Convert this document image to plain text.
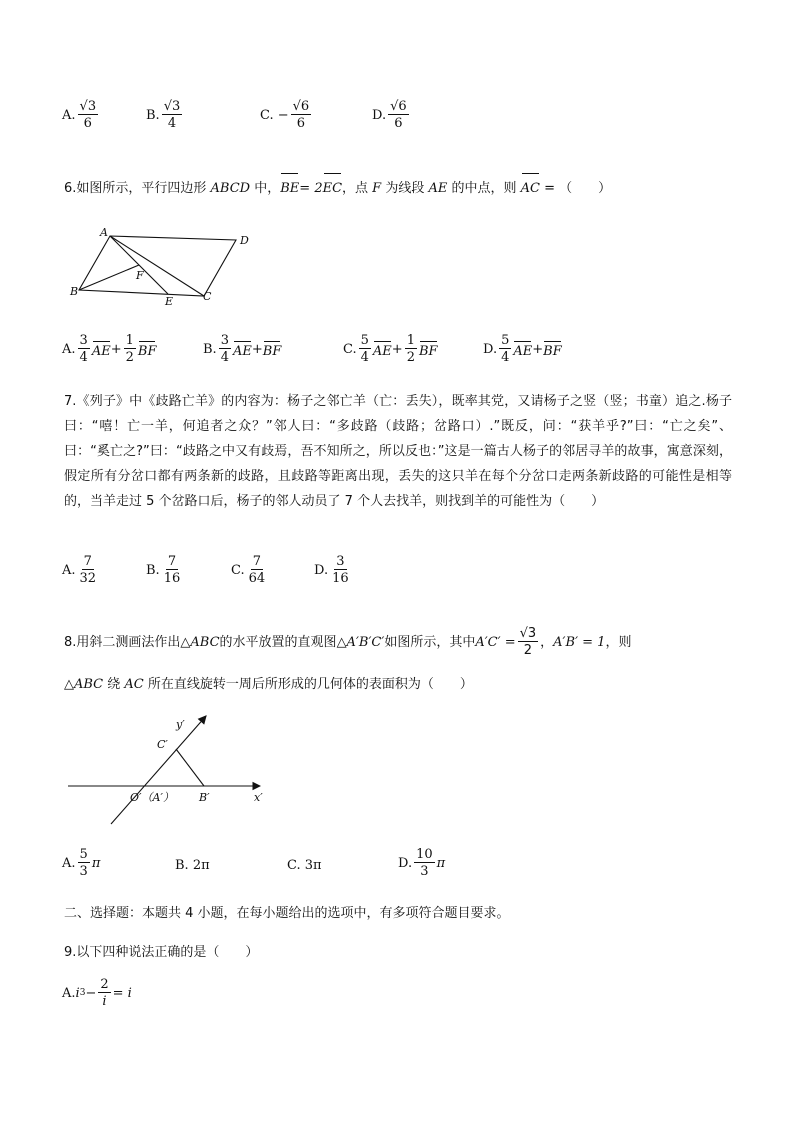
A. $\frac{√3}{6}$	B. $\frac{√3}{4}$	C. − $\frac{√6}{6}$	D. $\frac{√6}{6}$
6.如图所示，平行四边形 ABCD 中，BE= 2EC，点 F 为线段 AE 的中点，则 AC = （　　）
A
D
B	C
E
F
A. $\frac{3}{4}$ AE + $\frac{1}{2}$ BF	B. $\frac{3}{4}$ AE + BF	C. $\frac{5}{4}$ AE + $\frac{1}{2}$ BF	D. $\frac{5}{4}$ AE + BF
7.《列子》中《歧路亡羊》的内容为：杨子之邻亡羊（亡：丢失），既率其党，又请杨子之竖（竖；书童）追之.杨子曰：“嘻！亡一羊，何追者之众？”邻人曰：“多歧路（歧路；岔路口）.”既反，问：“获羊乎?”曰：“亡之矣”、曰：“奚亡之?”曰：“歧路之中又有歧焉，吾不知所之，所以反也：”这是一篇古人杨子的邻居寻羊的故事，寓意深刻，假定所有分岔口都有两条新的歧路，且歧路等距离出现，丢失的这只羊在每个分岔口走两条新歧路的可能性是相等的，当羊走过 5 个岔路口后，杨子的邻人动员了 7 个人去找羊，则找到羊的可能性为（　　）
A. $\frac{7}{32}$	B. $\frac{7}{16}$	C. $\frac{7}{64}$	D. $\frac{3}{16}$
8.用斜二测画法作出 △ABC 的水平放置的直观图 △A′B′C′ 如图所示，其中 $A'C' = \frac{√3}{2}$ ， A′B′ = 1 ，则
△ABC 绕 AC 所在直线旋转一周后所形成的几何体的表面积为（　　）
y′
C′
O′（A′） B′	x′
A. $\frac{5}{3}$ π	B.
2π	C.
3π	D. $\frac{10}{3}$ π
二、选择题：本题共 4 小题，在每小题给出的选项中，有多项符合题目要求。
9.以下四种说法正确的是（　　）
A. i $3 - \frac{2}{i} = i$
